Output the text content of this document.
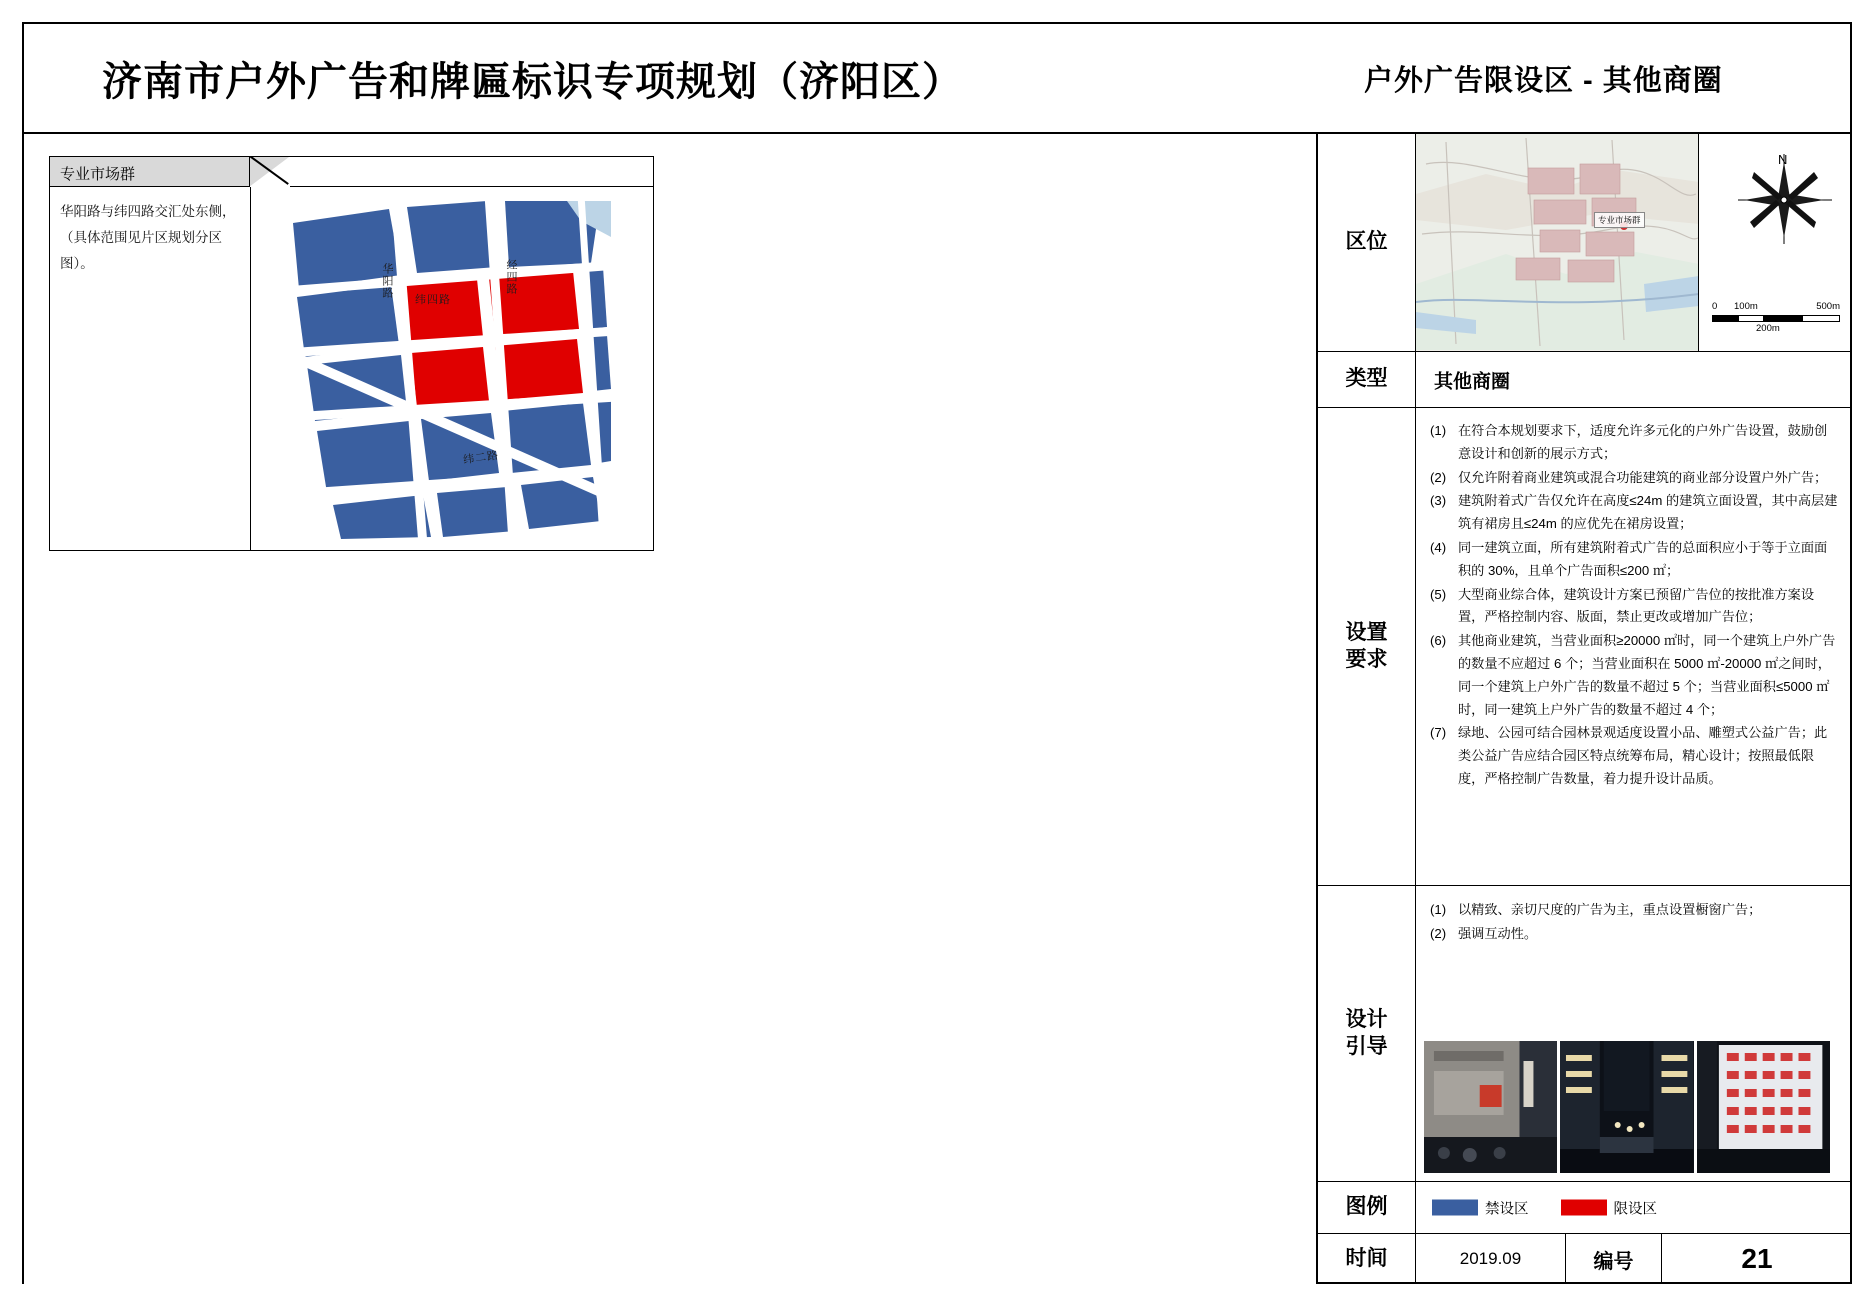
济南市户外广告和牌匾标识专项规划（济阳区）	户外广告限设区 - 其他商圈
专业市场群
华阳路与纬四路交汇处东侧，
（具体范围见片区规划分区图）。	华阳路
纬四路
经四路
纬二路
区位
专业市场群
N
0 100m	500m
200m
类型	其他商圈
设置
要求
(1) 在符合本规划要求下，适度允许多元化的户外广告设置，鼓励创意设计和创新的展示方式；
(2) 仅允许附着商业建筑或混合功能建筑的商业部分设置户外广告；
(3) 建筑附着式广告仅允许在高度≤24m 的建筑立面设置，其中高层建筑有裙房且≤24m 的应优先在裙房设置；
(4) 同一建筑立面，所有建筑附着式广告的总面积应小于等于立面面积的 30%，且单个广告面积≤200 ㎡；
(5) 大型商业综合体，建筑设计方案已预留广告位的按批准方案设置，严格控制内容、版面，禁止更改或增加广告位；
(6) 其他商业建筑，当营业面积≥20000 ㎡时，同一个建筑上户外广告的数量不应超过 6 个；当营业面积在 5000 ㎡-20000 ㎡之间时，同一个建筑上户外广告的数量不超过 5 个；当营业面积≤5000 ㎡时，同一建筑上户外广告的数量不超过 4 个；
(7) 绿地、公园可结合园林景观适度设置小品、雕塑式公益广告；此类公益广告应结合园区特点统筹布局，精心设计；按照最低限度，严格控制广告数量，着力提升设计品质。
设计
引导
(1) 以精致、亲切尺度的广告为主，重点设置橱窗广告；
(2) 强调互动性。
图例	禁设区	限设区
时间	2019.09	编号	21
